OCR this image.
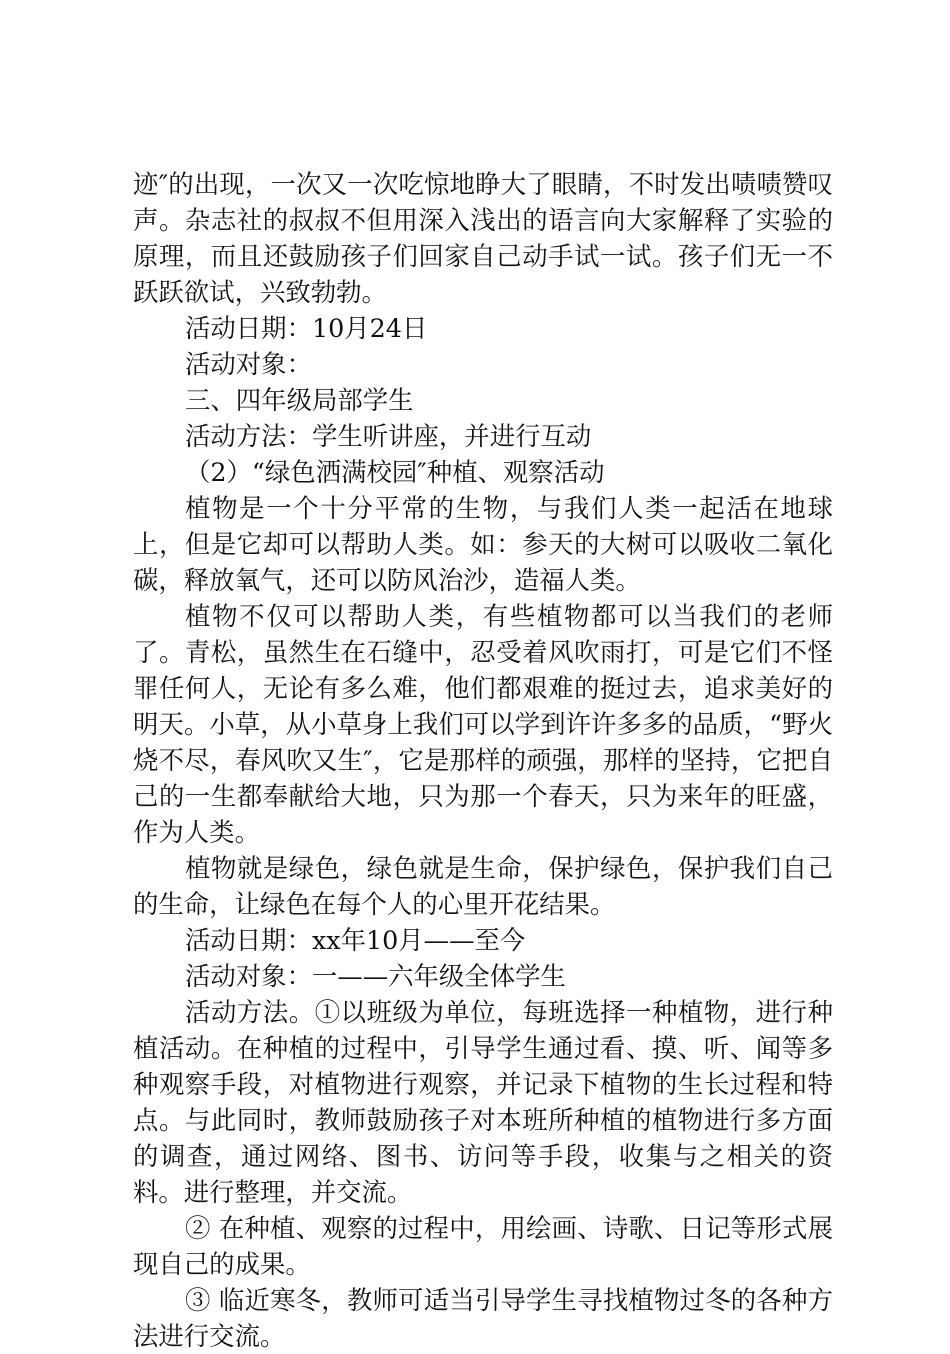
迹″的出现，一次又一次吃惊地睁大了眼睛，不时发出啧啧赞叹声。杂志社的叔叔不但用深入浅出的语言向大家解释了实验的原理，而且还鼓励孩子们回家自己动手试一试。孩子们无一不跃跃欲试，兴致勃勃。

活动日期：10月24日

活动对象：

三、四年级局部学生

活动方法：学生听讲座，并进行互动

（2）“绿色洒满校园″种植、观察活动

植物是一个十分平常的生物，与我们人类一起活在地球上，但是它却可以帮助人类。如：参天的大树可以吸收二氧化碳，释放氧气，还可以防风治沙，造福人类。

植物不仅可以帮助人类，有些植物都可以当我们的老师了。青松，虽然生在石缝中，忍受着风吹雨打，可是它们不怪罪任何人，无论有多么难，他们都艰难的挺过去，追求美好的明天。小草，从小草身上我们可以学到许许多多的品质，“野火烧不尽，春风吹又生″，它是那样的顽强，那样的坚持，它把自己的一生都奉献给大地，只为那一个春天，只为来年的旺盛，作为人类。

植物就是绿色，绿色就是生命，保护绿色，保护我们自己的生命，让绿色在每个人的心里开花结果。

活动日期：xx年10月——至今

活动对象：一——六年级全体学生

活动方法。①以班级为单位，每班选择一种植物，进行种植活动。在种植的过程中，引导学生通过看、摸、听、闻等多种观察手段，对植物进行观察，并记录下植物的生长过程和特点。与此同时，教师鼓励孩子对本班所种植的植物进行多方面的调查，通过网络、图书、访问等手段，收集与之相关的资料。进行整理，并交流。

② 在种植、观察的过程中，用绘画、诗歌、日记等形式展现自己的成果。

③ 临近寒冬，教师可适当引导学生寻找植物过冬的各种方法进行交流。
